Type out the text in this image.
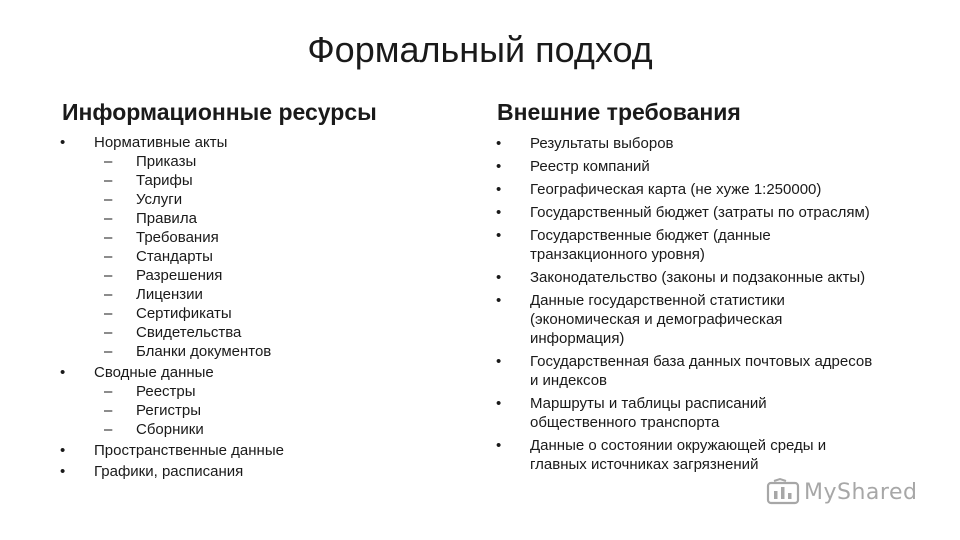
Формальный подход
Информационные ресурсы	Внешние требования
• Нормативные акты
– Приказы
– Тарифы
– Услуги
– Правила
– Требования
– Стандарты
– Разрешения
– Лицензии
– Сертификаты
– Свидетельства
– Бланки документов
• Сводные данные
– Реестры
– Регистры
– Сборники
• Пространственные данные
• Графики, расписания
• Результаты выборов
• Реестр компаний
• Географическая карта (не хуже 1:250000)
• Государственный бюджет (затраты по отраслям)
• Государственные бюджет (данные
транзакционного уровня)
• Законодательство (законы и подзаконные акты)
• Данные государственной статистики
(экономическая и демографическая
информация)
• Государственная база данных почтовых адресов
и индексов
• Маршруты и таблицы расписаний
общественного транспорта
• Данные о состоянии окружающей среды и
главных источниках загрязнений
MyShared
